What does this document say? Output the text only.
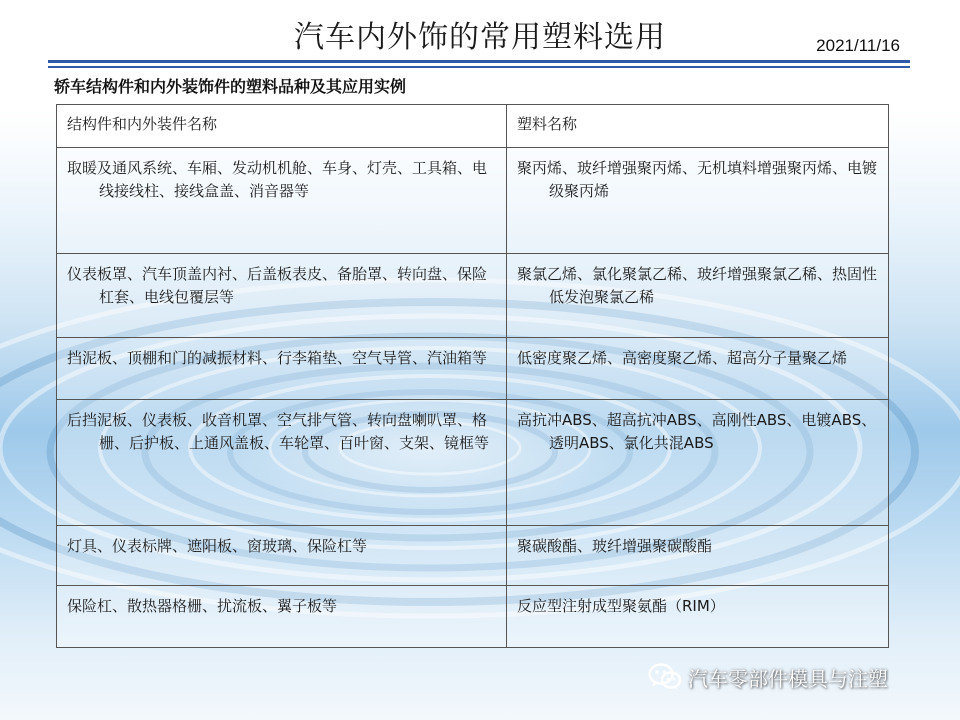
汽车内外饰的常用塑料选用	2021/11/16
轿车结构件和内外装饰件的塑料品种及其应用实例
结构件和内外装件名称	塑料名称

取暖及通风系统、车厢、发动机机舱、车身、灯壳、工具箱、电线接线柱、接线盒盖、消音器等	聚丙烯、玻纤增强聚丙烯、无机填料增强聚丙烯、电镀级聚丙烯

仪表板罩、汽车顶盖内衬、后盖板表皮、备胎罩、转向盘、保险杠套、电线包覆层等	聚氯乙烯、氯化聚氯乙稀、玻纤增强聚氯乙稀、热固性低发泡聚氯乙稀

挡泥板、顶棚和门的减振材料、行李箱垫、空气导管、汽油箱等	低密度聚乙烯、高密度聚乙烯、超高分子量聚乙烯

后挡泥板、仪表板、收音机罩、空气排气管、转向盘喇叭罩、格栅、后护板、上通风盖板、车轮罩、百叶窗、支架、镜框等	高抗冲ABS、超高抗冲ABS、高刚性ABS、电镀ABS、透明ABS、氯化共混ABS

灯具、仪表标牌、遮阳板、窗玻璃、保险杠等	聚碳酸酯、玻纤增强聚碳酸酯

保险杠、散热器格栅、扰流板、翼子板等	反应型注射成型聚氨酯（RIM）
汽车零部件模具与注塑
